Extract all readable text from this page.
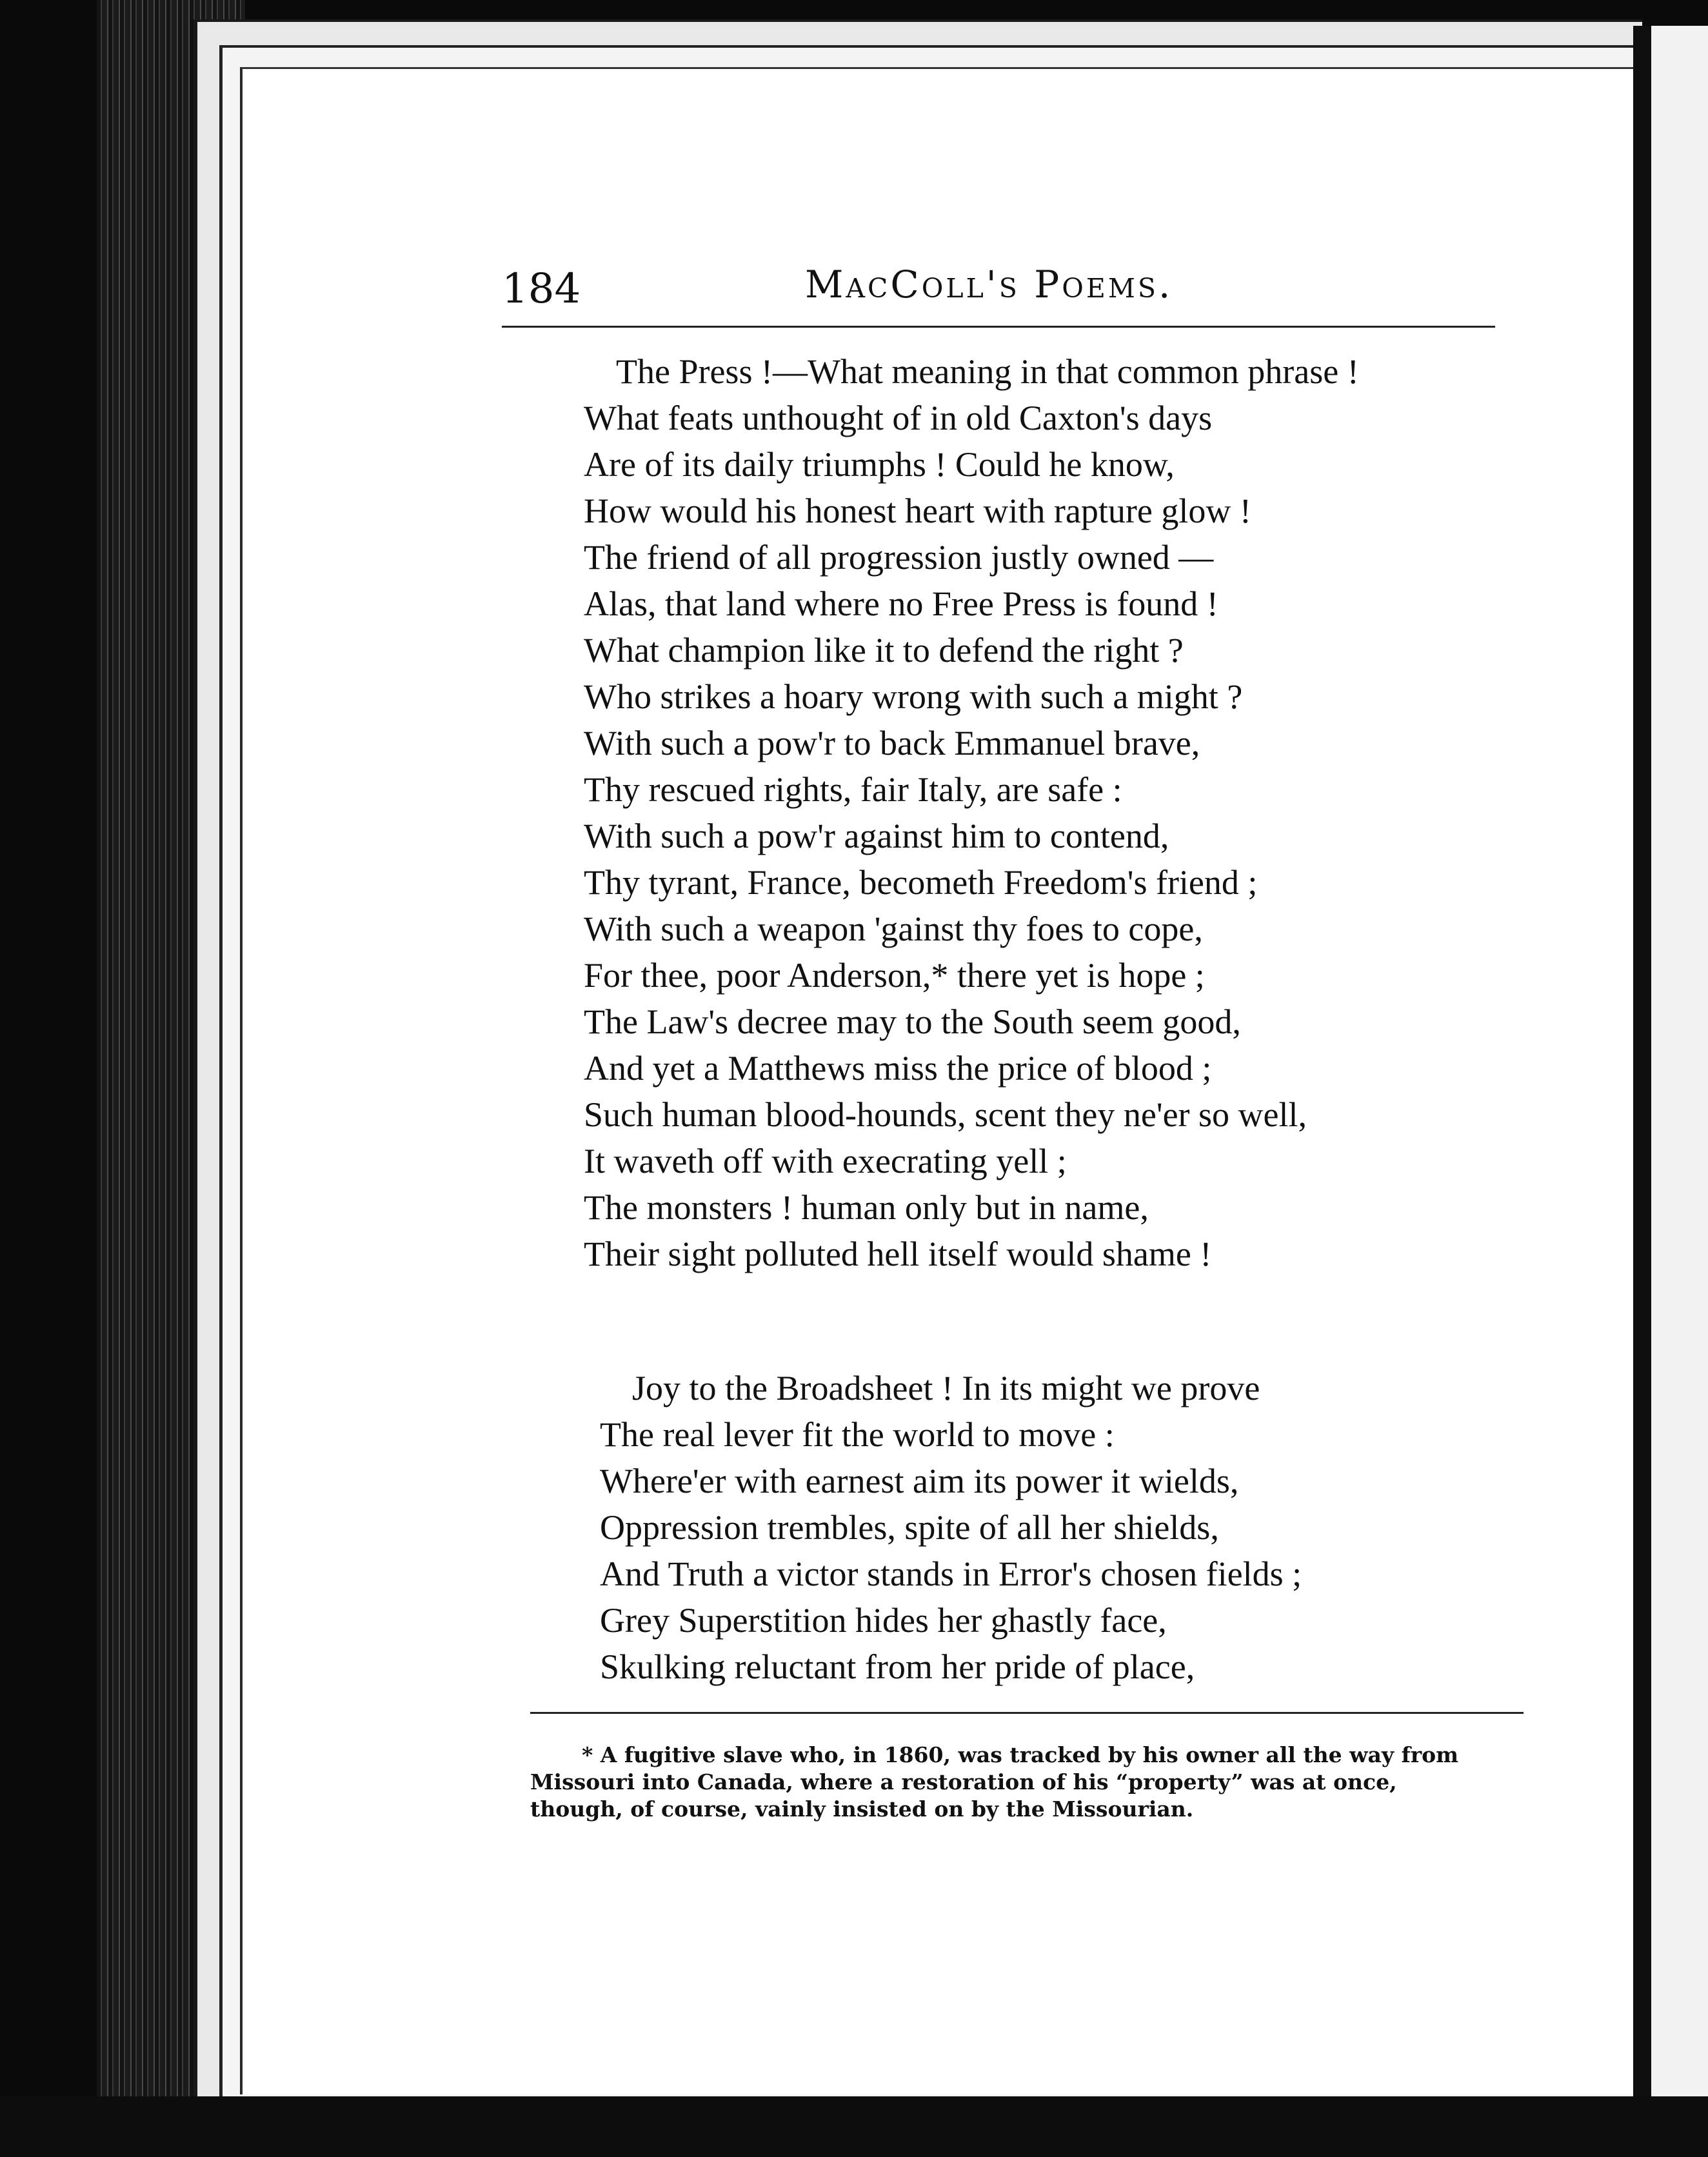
184	MacColl's Poems.
The Press !—What meaning in that common phrase !
What feats unthought of in old Caxton's days
Are of its daily triumphs ! Could he know,
How would his honest heart with rapture glow !
The friend of all progression justly owned —
Alas, that land where no Free Press is found !
What champion like it to defend the right ?
Who strikes a hoary wrong with such a might ?
With such a pow'r to back Emmanuel brave,
Thy rescued rights, fair Italy, are safe :
With such a pow'r against him to contend,
Thy tyrant, France, becometh Freedom's friend ;
With such a weapon 'gainst thy foes to cope,
For thee, poor Anderson,* there yet is hope ;
The Law's decree may to the South seem good,
And yet a Matthews miss the price of blood ;
Such human blood-hounds, scent they ne'er so well,
It waveth off with execrating yell ;
The monsters ! human only but in name,
Their sight polluted hell itself would shame !
Joy to the Broadsheet ! In its might we prove
The real lever fit the world to move :
Where'er with earnest aim its power it wields,
Oppression trembles, spite of all her shields,
And Truth a victor stands in Error's chosen fields ;
Grey Superstition hides her ghastly face,
Skulking reluctant from her pride of place,
* A fugitive slave who, in 1860, was tracked by his owner all the way from
Missouri into Canada, where a restoration of his “property” was at once,
though, of course, vainly insisted on by the Missourian.
